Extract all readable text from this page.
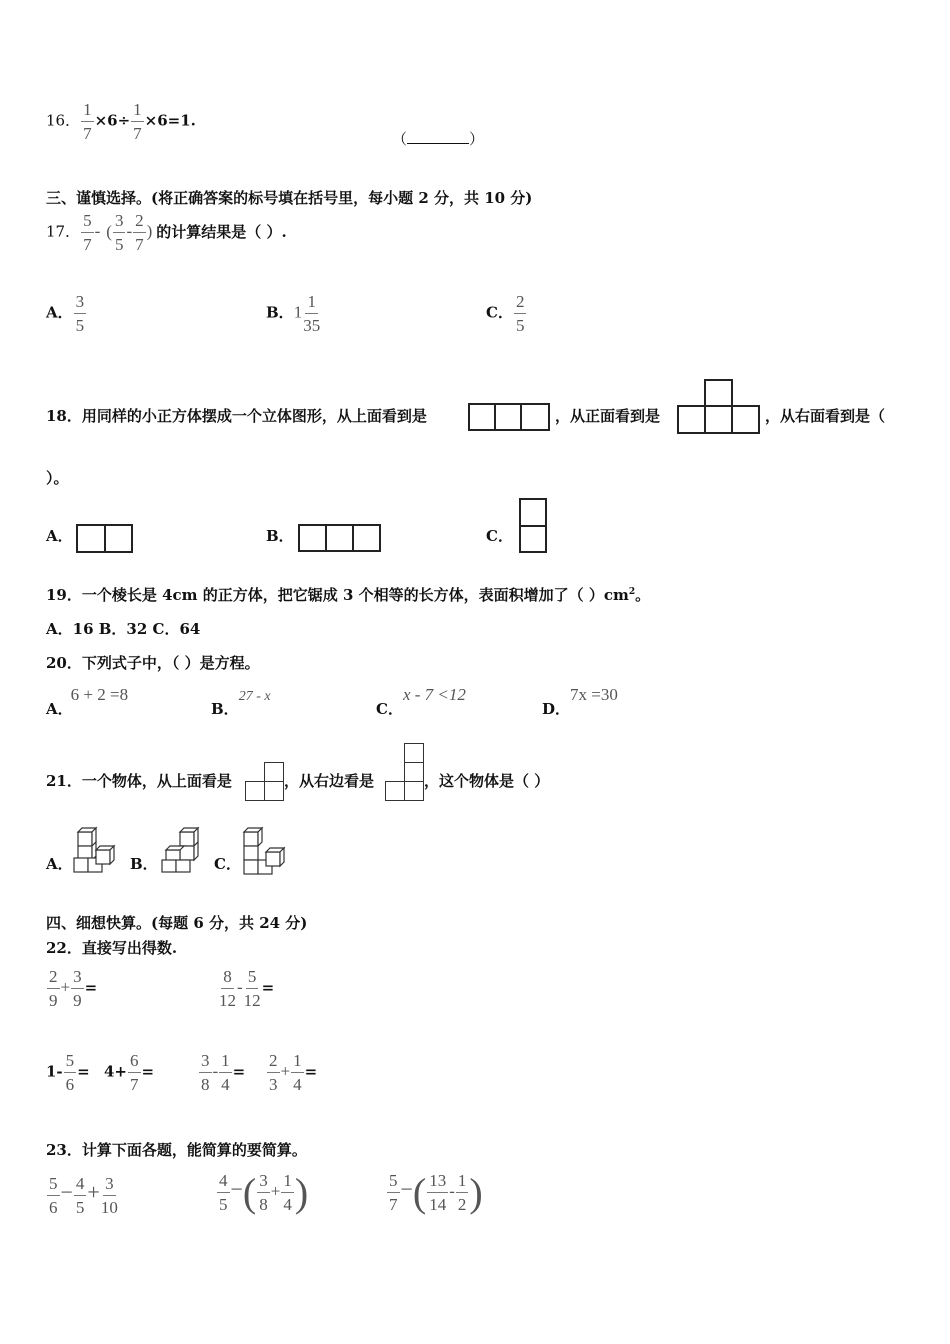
16． $\frac{1}{7} \times 6\div \frac{1}{7} \times 6=1$.
（	）
三、谨慎选择。(将正确答案的标号填在括号里，每小题 2 分，共 10 分)
17． $\frac{5}{7}$ - ( $\frac{3}{5} - \frac{2}{7}$ ) 的计算结果是（ ）.
A． $\frac{3}{5}$	B．$1 \frac{1}{35}$	C． $\frac{2}{5}$
18．用同样的小正方体摆成一个立体图形，从上面看到是	，从正面看到是	，从右面看到是（
）。
A．	B．	C．
19．一个棱长是 4cm 的正方体，把它锯成 3 个相等的长方体，表面积增加了（ ）$cm^2$。
A．16 B．32 C．64
20．下列式子中，（ ）是方程。
A．6 + 2 =8
B．27 - x
C．x - 7 <12
D．7x =30
21．一个物体，从上面看是	，从右边看是	，这个物体是（ ）
A．	B．	C．
四、细想快算。(每题 6 分，共 24 分)
22．直接写出得数.
$\frac{2}{9} + \frac{3}{9}$ =	$\frac{8}{12} - \frac{5}{12}$ =
$1- \frac{5}{6} = 4+ \frac{6}{7}$ =	$\frac{3}{8} - \frac{1}{4} = \frac{2}{3} + \frac{1}{4}$ =
23．计算下面各题，能简算的要简算。
$\frac{5}{6} - \frac{4}{5} + \frac{3}{10}$	$\frac{4}{5}$ −( $\frac{3}{8} + \frac{1}{4}$ )	$\frac{5}{7}$ −( $\frac{13}{14} - \frac{1}{2}$ )
